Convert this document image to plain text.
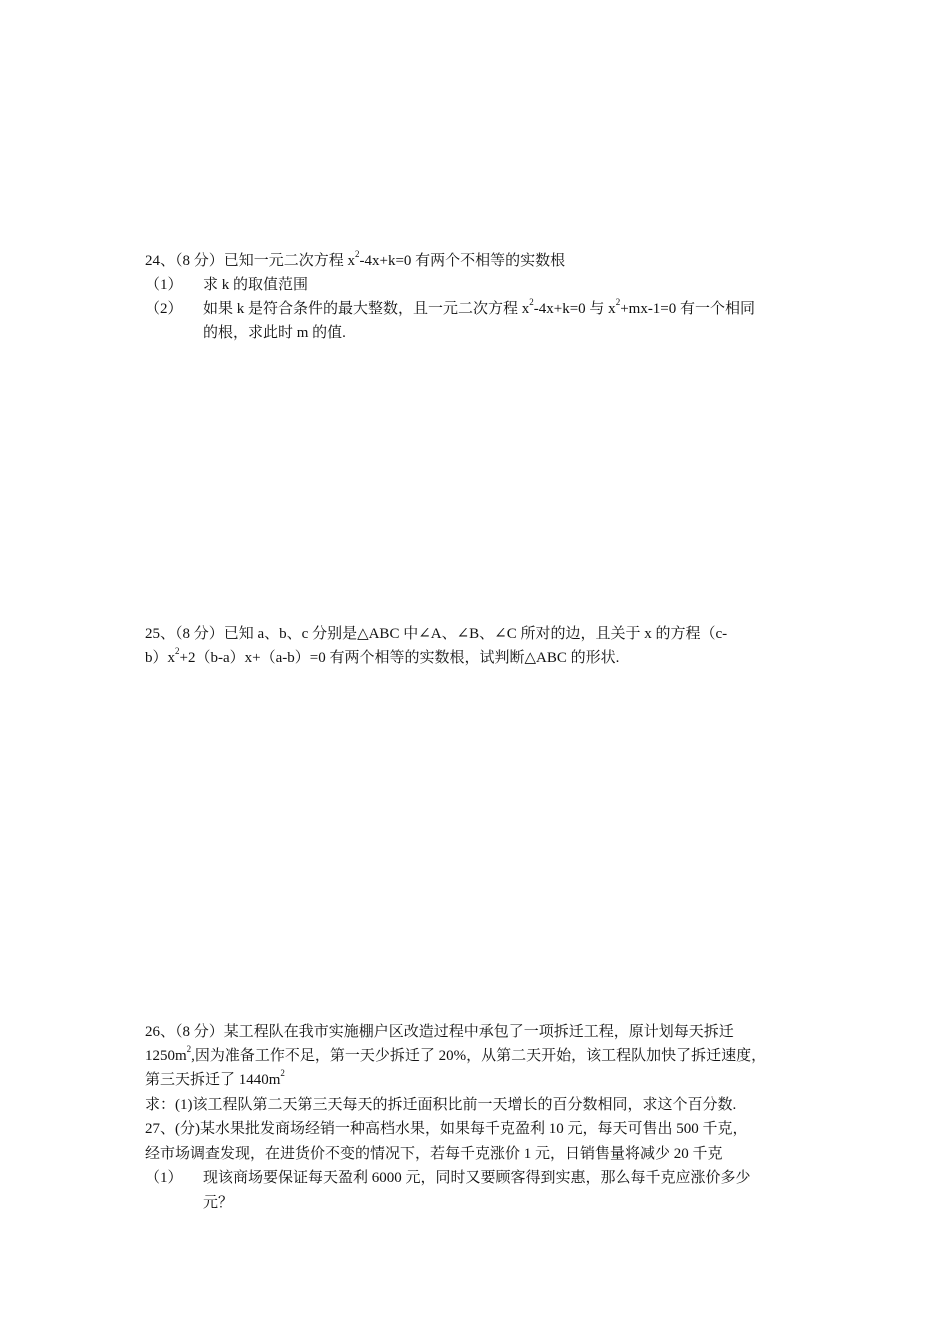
24、（8 分）已知一元二次方程 $x^2-4x+k=0$ 有两个不相等的实数根
（1） 求 k 的取值范围
（2） 如果 k 是符合条件的最大整数，且一元二次方程 $x^2-4x+k=0$ 与 $x^2+mx-1=0$ 有一个相同
的根，求此时 m 的值.
25、（8 分）已知 a、b、c 分别是△ABC 中∠A、∠B、∠C 所对的边，且关于 x 的方程（c-
$b)x^2+2(b-a)x+(a-b)=0$ 有两个相等的实数根，试判断△ABC 的形状.
26、（8 分）某工程队在我市实施棚户区改造过程中承包了一项拆迁工程，原计划每天拆迁
$1250m^2$,因为准备工作不足，第一天少拆迁了 20%，从第二天开始，该工程队加快了拆迁速度，
第三天拆迁了 $1440m^2$
求：(1)该工程队第二天第三天每天的拆迁面积比前一天增长的百分数相同，求这个百分数.
27、(分)某水果批发商场经销一种高档水果，如果每千克盈利 10 元，每天可售出 500 千克，
经市场调查发现，在进货价不变的情况下，若每千克涨价 1 元，日销售量将减少 20 千克
（1） 现该商场要保证每天盈利 6000 元，同时又要顾客得到实惠，那么每千克应涨价多少
元？
